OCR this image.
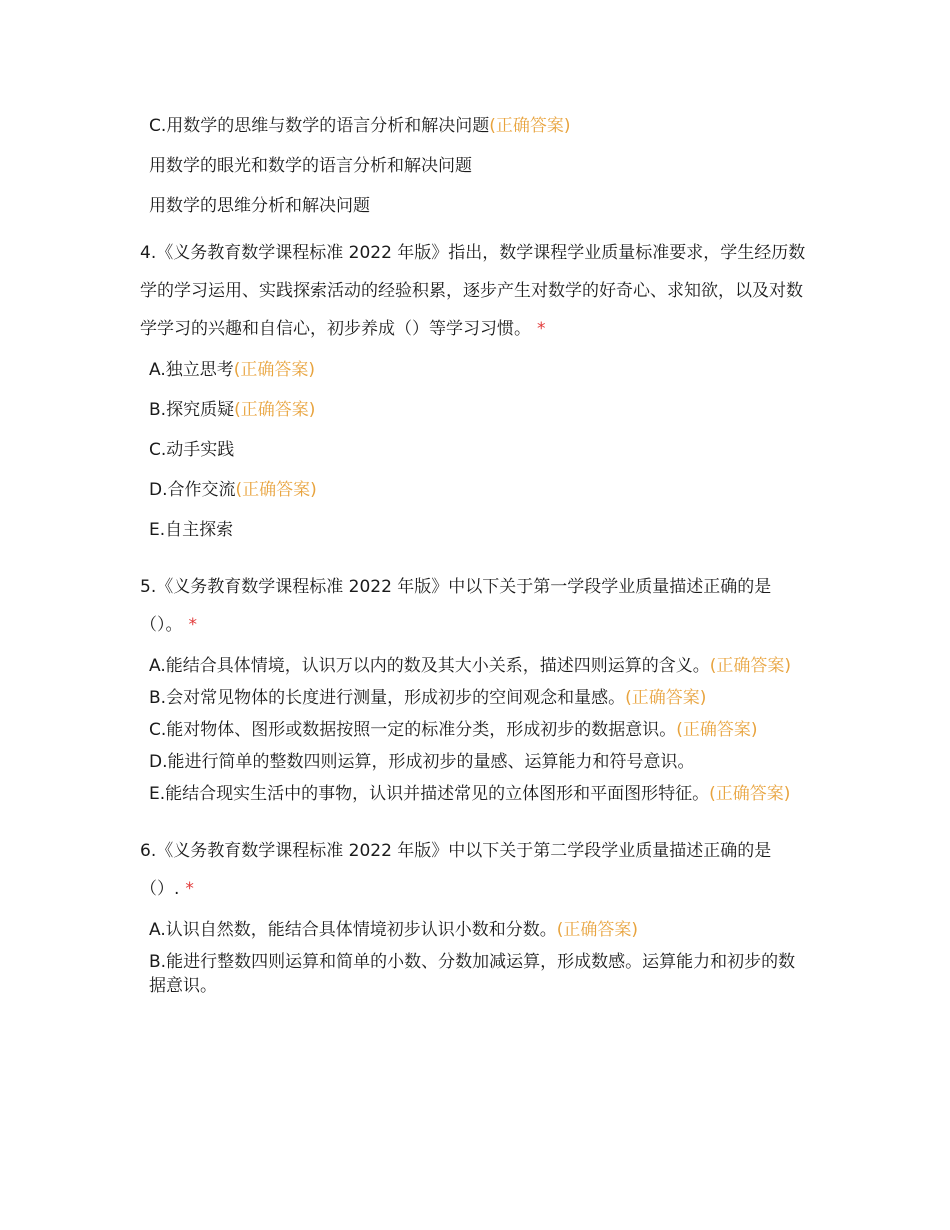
C.用数学的思维与数学的语言分析和解决问题(正确答案)
用数学的眼光和数学的语言分析和解决问题
用数学的思维分析和解决问题
4.《义务教育数学课程标准 2022 年版》指出，数学课程学业质量标准要求，学生经历数学的学习运用、实践探索活动的经验积累，逐步产生对数学的好奇心、求知欲，以及对数学学习的兴趣和自信心，初步养成（）等学习习惯。 *
A.独立思考(正确答案)
B.探究质疑(正确答案)
C.动手实践
D.合作交流(正确答案)
E.自主探索
5.《义务教育数学课程标准 2022 年版》中以下关于第一学段学业质量描述正确的是（）。 *
A.能结合具体情境，认识万以内的数及其大小关系，描述四则运算的含义。(正确答案)
B.会对常见物体的长度进行测量，形成初步的空间观念和量感。(正确答案)
C.能对物体、图形或数据按照一定的标准分类，形成初步的数据意识。(正确答案)
D.能进行简单的整数四则运算，形成初步的量感、运算能力和符号意识。
E.能结合现实生活中的事物，认识并描述常见的立体图形和平面图形特征。(正确答案)
6.《义务教育数学课程标准 2022 年版》中以下关于第二学段学业质量描述正确的是（）. *
A.认识自然数，能结合具体情境初步认识小数和分数。(正确答案)
B.能进行整数四则运算和简单的小数、分数加减运算，形成数感。运算能力和初步的数据意识。
